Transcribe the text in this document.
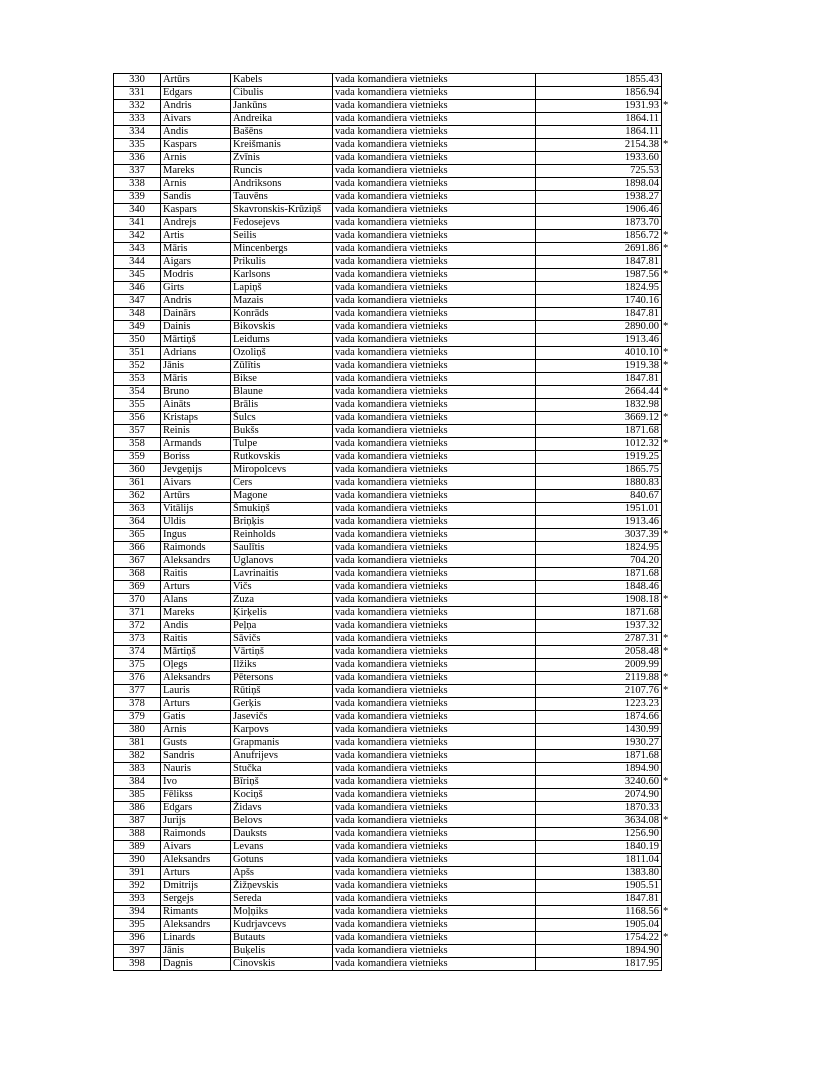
330	Artūrs	Kabels	vada komandiera vietnieks	1855.43

331	Edgars	Čibulis	vada komandiera vietnieks	1856.94

332	Andris	Jankūns	vada komandiera vietnieks	1931.93 *

333	Aivars	Andreika	vada komandiera vietnieks	1864.11

334	Andis	Bašēns	vada komandiera vietnieks	1864.11

335	Kaspars	Kreišmanis	vada komandiera vietnieks	2154.38 *

336	Arnis	Zvīnis	vada komandiera vietnieks	1933.60

337	Mareks	Runcis	vada komandiera vietnieks	725.53

338	Arnis	Andriksons	vada komandiera vietnieks	1898.04

339	Sandis	Tauvēns	vada komandiera vietnieks	1938.27

340	Kaspars	Skavronskis-Krūziņš	vada komandiera vietnieks	1906.46

341	Andrejs	Fedosejevs	vada komandiera vietnieks	1873.70

342	Artis	Seilis	vada komandiera vietnieks	1856.72 *

343	Māris	Mincenbergs	vada komandiera vietnieks	2691.86 *

344	Aigars	Prikulis	vada komandiera vietnieks	1847.81

345	Modris	Karlsons	vada komandiera vietnieks	1987.56 *

346	Girts	Lapiņš	vada komandiera vietnieks	1824.95

347	Andris	Mazais	vada komandiera vietnieks	1740.16

348	Dainārs	Konrāds	vada komandiera vietnieks	1847.81

349	Dainis	Bikovskis	vada komandiera vietnieks	2890.00 *

350	Mārtiņš	Leidums	vada komandiera vietnieks	1913.46

351	Adrians	Ozoliņš	vada komandiera vietnieks	4010.10 *

352	Jānis	Zūlītis	vada komandiera vietnieks	1919.38 *

353	Māris	Bikse	vada komandiera vietnieks	1847.81

354	Bruno	Blaune	vada komandiera vietnieks	2664.44 *

355	Aināts	Brālis	vada komandiera vietnieks	1832.98

356	Kristaps	Šulcs	vada komandiera vietnieks	3669.12 *

357	Reinis	Bukšs	vada komandiera vietnieks	1871.68

358	Armands	Tulpe	vada komandiera vietnieks	1012.32 *

359	Boriss	Rutkovskis	vada komandiera vietnieks	1919.25

360	Jevgeņijs	Miropolcevs	vada komandiera vietnieks	1865.75

361	Aivars	Cers	vada komandiera vietnieks	1880.83

362	Artūrs	Magone	vada komandiera vietnieks	840.67

363	Vitālijs	Šmukiņš	vada komandiera vietnieks	1951.01

364	Uldis	Briņķis	vada komandiera vietnieks	1913.46

365	Ingus	Reinholds	vada komandiera vietnieks	3037.39 *

366	Raimonds	Saulītis	vada komandiera vietnieks	1824.95

367	Aleksandrs	Uglanovs	vada komandiera vietnieks	704.20

368	Raitis	Lavrinaitis	vada komandiera vietnieks	1871.68

369	Arturs	Vičs	vada komandiera vietnieks	1848.46

370	Alans	Zuza	vada komandiera vietnieks	1908.18 *

371	Mareks	Ķirķelis	vada komandiera vietnieks	1871.68

372	Andis	Peļņa	vada komandiera vietnieks	1937.32

373	Raitis	Sāvičs	vada komandiera vietnieks	2787.31 *

374	Mārtiņš	Vārtiņš	vada komandiera vietnieks	2058.48 *

375	Oļegs	Ilžiks	vada komandiera vietnieks	2009.99

376	Aleksandrs	Pētersons	vada komandiera vietnieks	2119.88 *

377	Lauris	Rūtiņš	vada komandiera vietnieks	2107.76 *

378	Arturs	Gerķis	vada komandiera vietnieks	1223.23

379	Gatis	Jasevičs	vada komandiera vietnieks	1874.66

380	Arnis	Karpovs	vada komandiera vietnieks	1430.99

381	Gusts	Grapmanis	vada komandiera vietnieks	1930.27

382	Sandris	Anufrijevs	vada komandiera vietnieks	1871.68

383	Nauris	Stučka	vada komandiera vietnieks	1894.90

384	Ivo	Bīriņš	vada komandiera vietnieks	3240.60 *

385	Fēlikss	Kociņš	vada komandiera vietnieks	2074.90

386	Edgars	Židavs	vada komandiera vietnieks	1870.33

387	Jurijs	Belovs	vada komandiera vietnieks	3634.08 *

388	Raimonds	Dauksts	vada komandiera vietnieks	1256.90

389	Aivars	Levans	vada komandiera vietnieks	1840.19

390	Aleksandrs	Gotuns	vada komandiera vietnieks	1811.04

391	Arturs	Apšs	vada komandiera vietnieks	1383.80

392	Dmitrijs	Žižņevskis	vada komandiera vietnieks	1905.51

393	Sergejs	Sereda	vada komandiera vietnieks	1847.81

394	Rimants	Moļņiks	vada komandiera vietnieks	1168.56 *

395	Aleksandrs	Kudrjavcevs	vada komandiera vietnieks	1905.04

396	Linards	Butauts	vada komandiera vietnieks	1754.22 *

397	Jānis	Buķelis	vada komandiera vietnieks	1894.90

398	Dagnis	Cinovskis	vada komandiera vietnieks	1817.95
